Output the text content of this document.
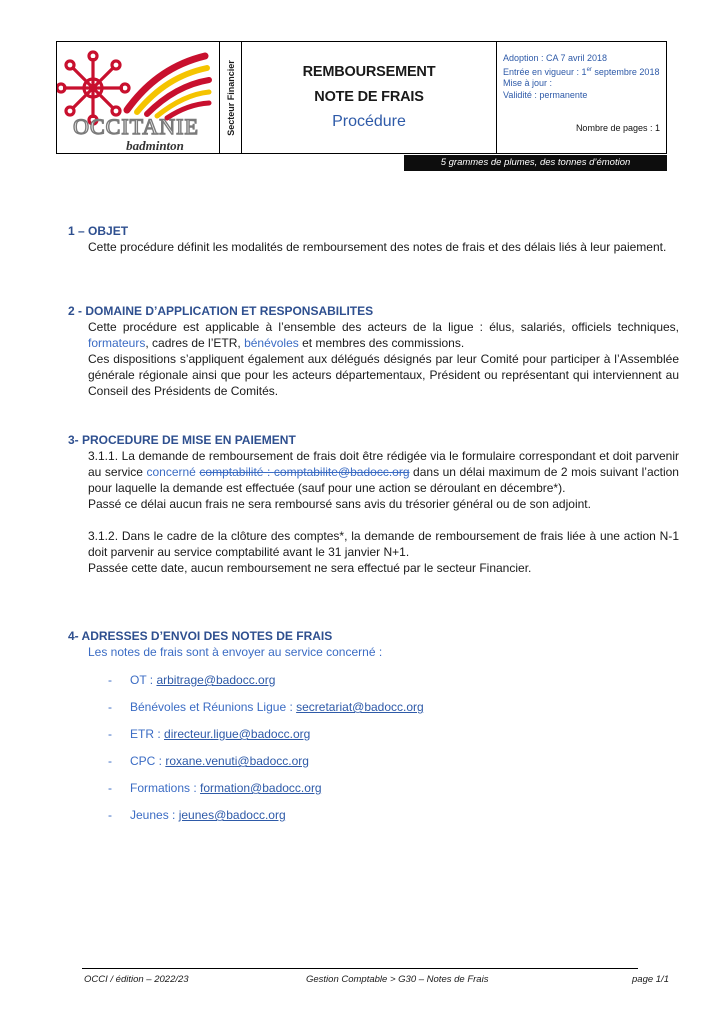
OCCITANIE
badminton
Secteur Financier	REMBOURSEMENT
NOTE DE FRAIS
Procédure
Adoption : CA 7 avril 2018
Entrée en vigueur : 1er septembre 2018
Mise à jour :
Validité : permanente
Nombre de pages : 1
5 grammes de plumes, des tonnes d’émotion
1 – OBJET
Cette procédure définit les modalités de remboursement des notes de frais et des délais liés à leur paiement.
2 - DOMAINE D’APPLICATION ET RESPONSABILITES
Cette procédure est applicable à l’ensemble des acteurs de la ligue : élus, salariés, officiels techniques, formateurs, cadres de l’ETR, bénévoles et membres des commissions.
Ces dispositions s’appliquent également aux délégués désignés par leur Comité pour participer à l’Assemblée générale régionale ainsi que pour les acteurs départementaux, Président ou représentant qui interviennent au Conseil des Présidents de Comités.
3- PROCEDURE DE MISE EN PAIEMENT
3.1.1. La demande de remboursement de frais doit être rédigée via le formulaire correspondant et doit parvenir au service concerné comptabilité : comptabilite@badocc.org dans un délai maximum de 2 mois suivant l’action pour laquelle la demande est effectuée (sauf pour une action se déroulant en décembre*).
Passé ce délai aucun frais ne sera remboursé sans avis du trésorier général ou de son adjoint.
3.1.2. Dans le cadre de la clôture des comptes*, la demande de remboursement de frais liée à une action N-1 doit parvenir au service comptabilité avant le 31 janvier N+1.
Passée cette date, aucun remboursement ne sera effectué par le secteur Financier.
4- ADRESSES D’ENVOI DES NOTES DE FRAIS
Les notes de frais sont à envoyer au service concerné :
- OT : arbitrage@badocc.org
- Bénévoles et Réunions Ligue : secretariat@badocc.org
- ETR : directeur.ligue@badocc.org
- CPC : roxane.venuti@badocc.org
- Formations : formation@badocc.org
- Jeunes : jeunes@badocc.org
OCCI / édition – 2022/23	Gestion Comptable > G30 – Notes de Frais	page 1/1
